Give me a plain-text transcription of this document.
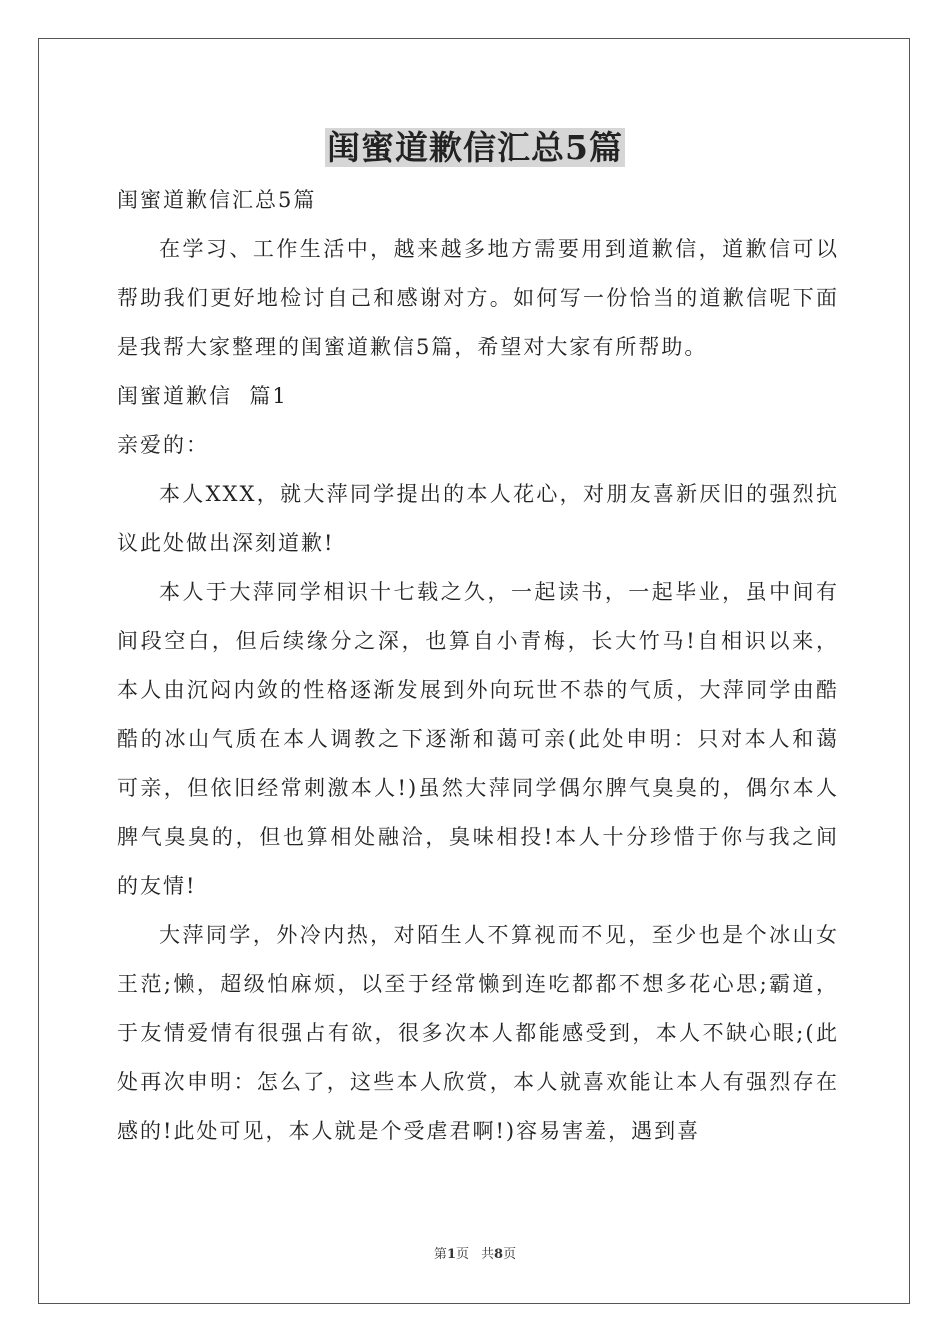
闺蜜道歉信汇总5篇

闺蜜道歉信汇总5篇

在学习、工作生活中，越来越多地方需要用到道歉信，道歉信可以帮助我们更好地检讨自己和感谢对方。如何写一份恰当的道歉信呢下面是我帮大家整理的闺蜜道歉信5篇，希望对大家有所帮助。

闺蜜道歉信  篇1

亲爱的：

本人XXX，就大萍同学提出的本人花心，对朋友喜新厌旧的强烈抗议此处做出深刻道歉!

本人于大萍同学相识十七载之久，一起读书，一起毕业，虽中间有间段空白，但后续缘分之深，也算自小青梅，长大竹马!自相识以来，本人由沉闷内敛的性格逐渐发展到外向玩世不恭的气质，大萍同学由酷酷的冰山气质在本人调教之下逐渐和蔼可亲(此处申明：只对本人和蔼可亲，但依旧经常刺激本人!)虽然大萍同学偶尔脾气臭臭的，偶尔本人脾气臭臭的，但也算相处融洽，臭味相投!本人十分珍惜于你与我之间的友情!

大萍同学，外冷内热，对陌生人不算视而不见，至少也是个冰山女王范;懒，超级怕麻烦，以至于经常懒到连吃都都不想多花心思;霸道，于友情爱情有很强占有欲，很多次本人都能感受到，本人不缺心眼;(此处再次申明：怎么了，这些本人欣赏，本人就喜欢能让本人有强烈存在感的!此处可见，本人就是个受虐君啊!)容易害羞，遇到喜

第1页 共8页
